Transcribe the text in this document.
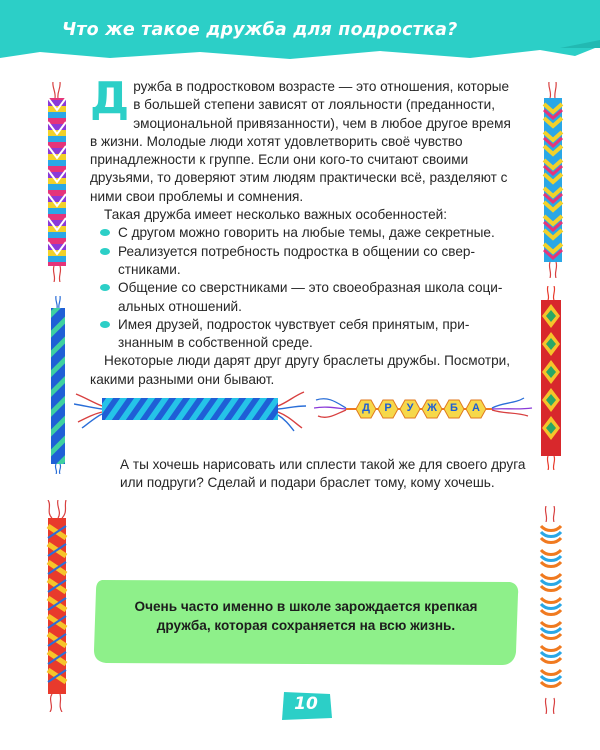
Что же такое дружба для подростка?

Дружба в подростковом возрасте — это отношения, которые в большей степени зависят от лояльности (преданности, эмоциональной привязанности), чем в любое другое время в жизни. Молодые люди хотят удовлетворить своё чувство принадлежности к группе. Если они кого-то считают своими друзьями, то доверяют этим людям практически всё, разделяют с ними свои проблемы и сомнения.

Такая дружба имеет несколько важных особенностей:

С другом можно говорить на любые темы, даже секретные.
Реализуется потребность подростка в общении со сверстниками.
Общение со сверстниками — это своеобразная школа социальных отношений.
Имея друзей, подросток чувствует себя принятым, признанным в собственной среде.

Некоторые люди дарят друг другу браслеты дружбы. Посмотри, какими разными они бывают.

Д	Р	У	Ж	Б	А
А ты хочешь нарисовать или сплести такой же для своего друга или подруги? Сделай и подари браслет тому, кому хочешь.
Очень часто именно в школе зарождается крепкая дружба, которая сохраняется на всю жизнь.
10
